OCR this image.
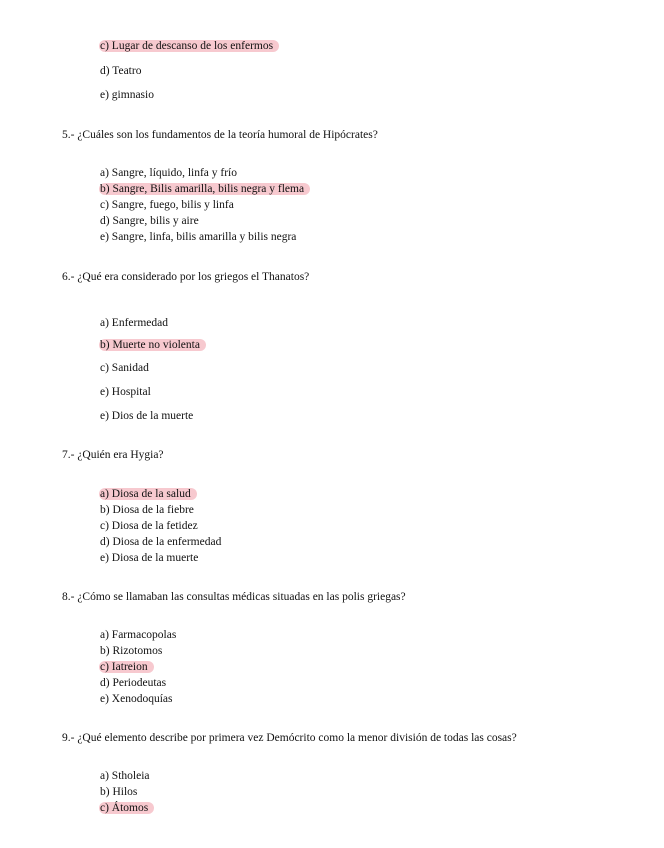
c) Lugar de descanso de los enfermos
d) Teatro
e) gimnasio
5.- ¿Cuáles son los fundamentos de la teoría humoral de Hipócrates?
a) Sangre, líquido, linfa y frío
b) Sangre, Bilis amarilla, bilis negra y flema
c) Sangre, fuego, bilis y linfa
d) Sangre, bilis y aire
e) Sangre, linfa, bilis amarilla y bilis negra
6.- ¿Qué era considerado por los griegos el Thanatos?
a) Enfermedad
b) Muerte no violenta
c) Sanidad
e) Hospital
e) Dios de la muerte
7.- ¿Quién era Hygia?
a) Diosa de la salud
b) Diosa de la fiebre
c) Diosa de la fetidez
d) Diosa de la enfermedad
e) Diosa de la muerte
8.- ¿Cómo se llamaban las consultas médicas situadas en las polis griegas?
a) Farmacopolas
b) Rizotomos
c) Iatreion
d) Periodeutas
e) Xenodoquías
9.- ¿Qué elemento describe por primera vez Demócrito como la menor división de todas las cosas?
a) Stholeia
b) Hilos
c) Átomos
